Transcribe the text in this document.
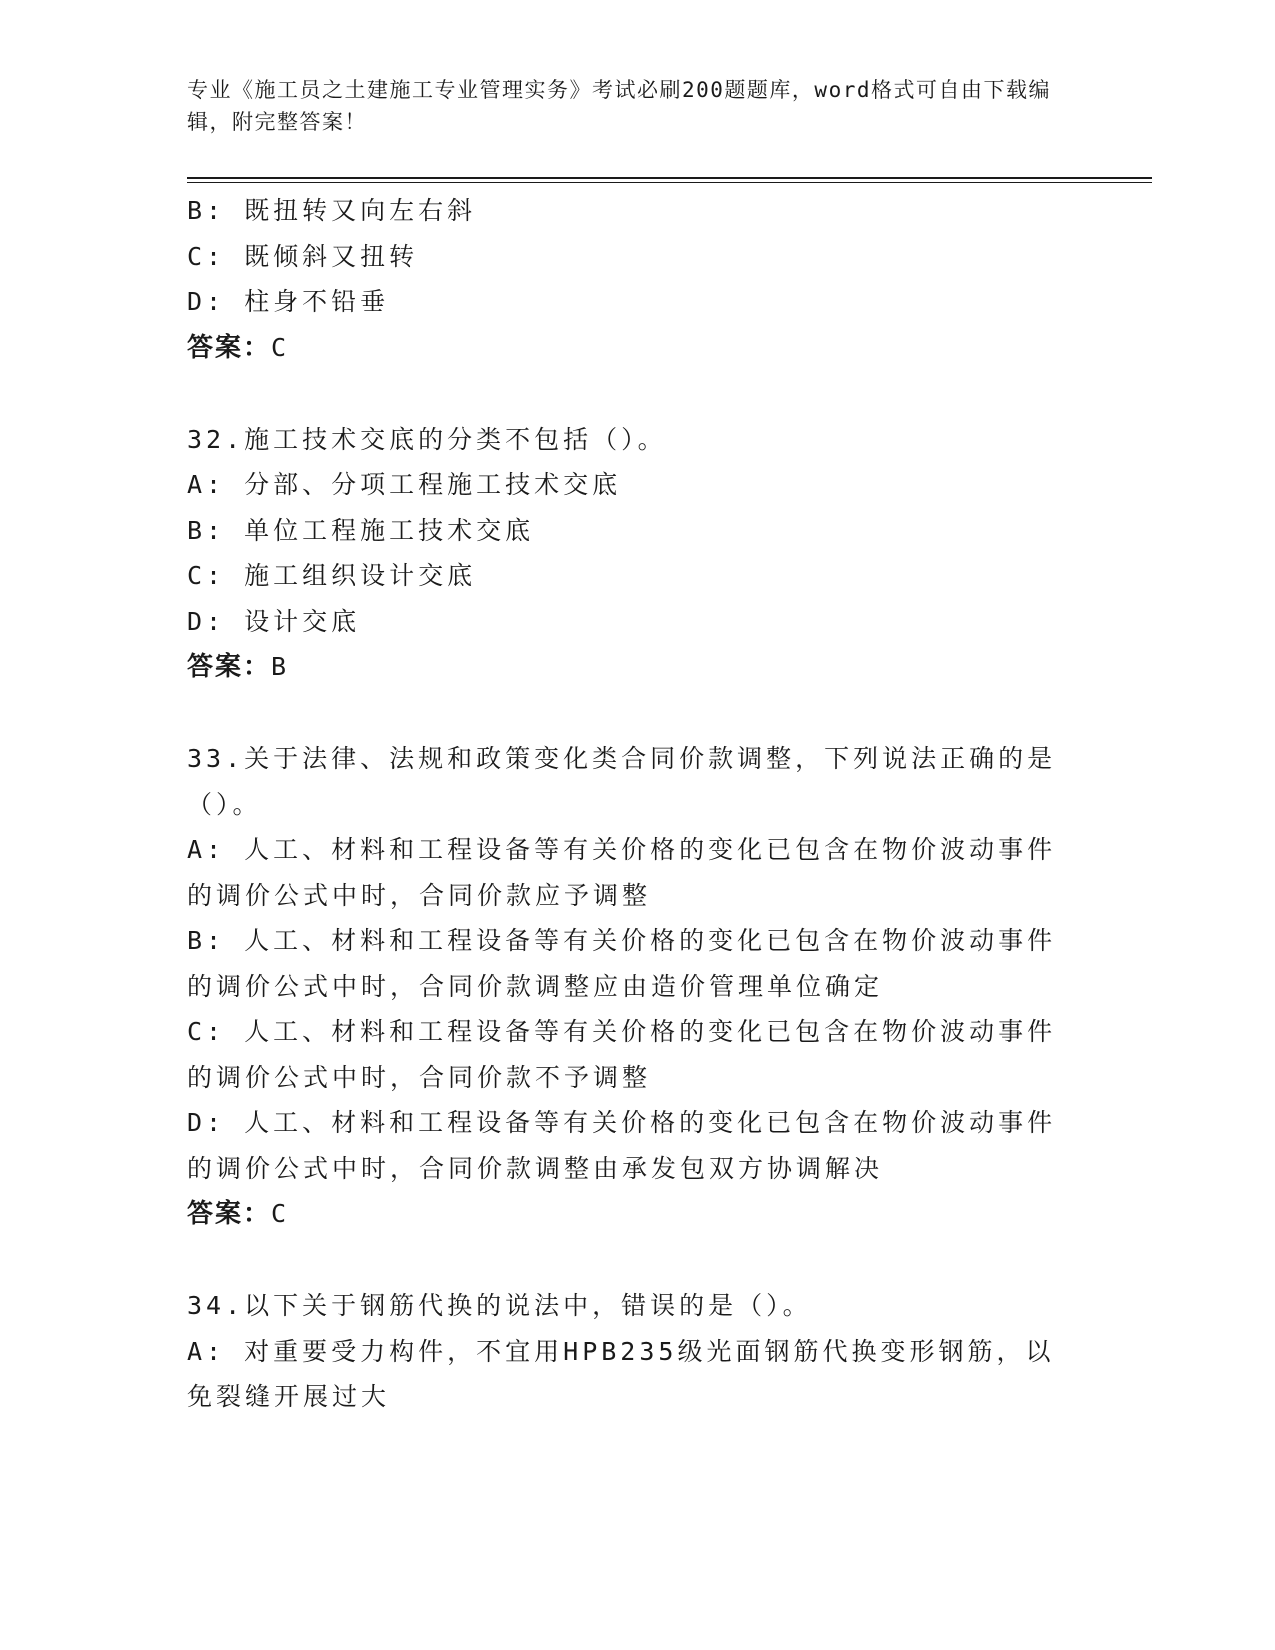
专业《施工员之土建施工专业管理实务》考试必刷200题题库，word格式可自由下载编辑，附完整答案！
B: 既扭转又向左右斜
C: 既倾斜又扭转
D: 柱身不铅垂
答案：C
32.施工技术交底的分类不包括（）。
A: 分部、分项工程施工技术交底
B: 单位工程施工技术交底
C: 施工组织设计交底
D: 设计交底
答案：B
33.关于法律、法规和政策变化类合同价款调整，下列说法正确的是（）。
A: 人工、材料和工程设备等有关价格的变化已包含在物价波动事件的调价公式中时，合同价款应予调整
B: 人工、材料和工程设备等有关价格的变化已包含在物价波动事件的调价公式中时，合同价款调整应由造价管理单位确定
C: 人工、材料和工程设备等有关价格的变化已包含在物价波动事件的调价公式中时，合同价款不予调整
D: 人工、材料和工程设备等有关价格的变化已包含在物价波动事件的调价公式中时，合同价款调整由承发包双方协调解决
答案：C
34.以下关于钢筋代换的说法中，错误的是（）。
A: 对重要受力构件，不宜用HPB235级光面钢筋代换变形钢筋，以免裂缝开展过大
